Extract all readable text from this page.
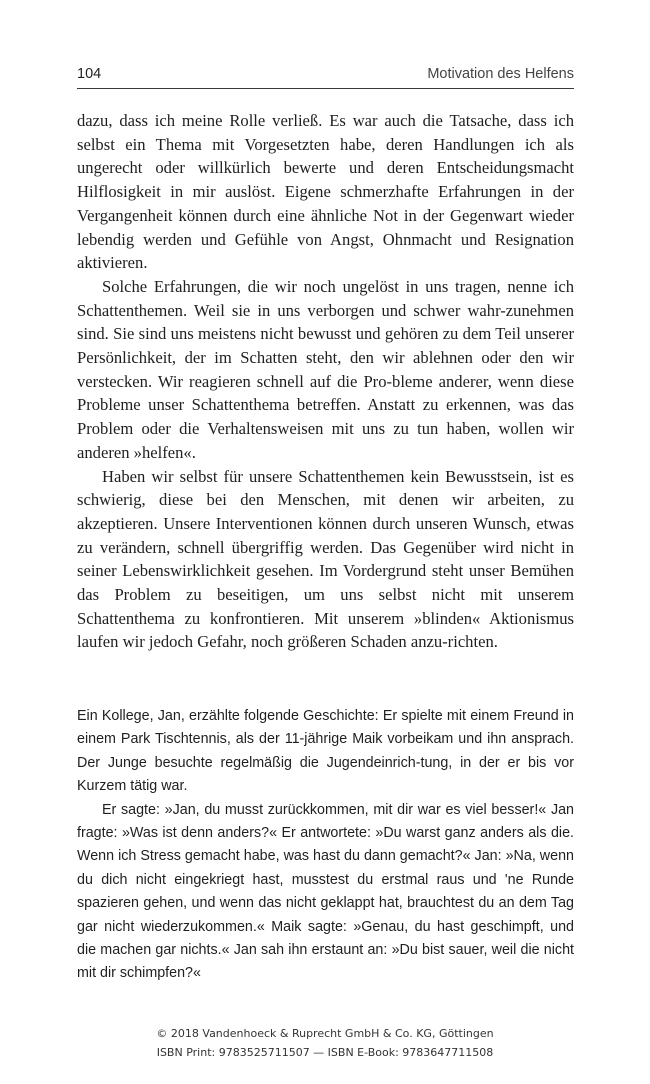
104	Motivation des Helfens

dazu, dass ich meine Rolle verließ. Es war auch die Tatsache, dass ich selbst ein Thema mit Vorgesetzten habe, deren Handlungen ich als ungerecht oder willkürlich bewerte und deren Entscheidungsmacht Hilflosigkeit in mir auslöst. Eigene schmerzhafte Erfahrungen in der Vergangenheit können durch eine ähnliche Not in der Gegenwart wieder lebendig werden und Gefühle von Angst, Ohnmacht und Resignation aktivieren.

Solche Erfahrungen, die wir noch ungelöst in uns tragen, nenne ich Schattenthemen. Weil sie in uns verborgen und schwer wahr-zunehmen sind. Sie sind uns meistens nicht bewusst und gehören zu dem Teil unserer Persönlichkeit, der im Schatten steht, den wir ablehnen oder den wir verstecken. Wir reagieren schnell auf die Pro-bleme anderer, wenn diese Probleme unser Schattenthema betreffen. Anstatt zu erkennen, was das Problem oder die Verhaltensweisen mit uns zu tun haben, wollen wir anderen »helfen«.

Haben wir selbst für unsere Schattenthemen kein Bewusstsein, ist es schwierig, diese bei den Menschen, mit denen wir arbeiten, zu akzeptieren. Unsere Interventionen können durch unseren Wunsch, etwas zu verändern, schnell übergriffig werden. Das Gegenüber wird nicht in seiner Lebenswirklichkeit gesehen. Im Vordergrund steht unser Bemühen das Problem zu beseitigen, um uns selbst nicht mit unserem Schattenthema zu konfrontieren. Mit unserem »blinden« Aktionismus laufen wir jedoch Gefahr, noch größeren Schaden anzu-richten.

Ein Kollege, Jan, erzählte folgende Geschichte: Er spielte mit einem Freund in einem Park Tischtennis, als der 11-jährige Maik vorbeikam und ihn ansprach. Der Junge besuchte regelmäßig die Jugendeinrich-tung, in der er bis vor Kurzem tätig war.

Er sagte: »Jan, du musst zurückkommen, mit dir war es viel besser!« Jan fragte: »Was ist denn anders?« Er antwortete: »Du warst ganz anders als die. Wenn ich Stress gemacht habe, was hast du dann gemacht?« Jan: »Na, wenn du dich nicht eingekriegt hast, musstest du erstmal raus und 'ne Runde spazieren gehen, und wenn das nicht geklappt hat, brauchtest du an dem Tag gar nicht wiederzukommen.« Maik sagte: »Genau, du hast geschimpft, und die machen gar nichts.« Jan sah ihn erstaunt an: »Du bist sauer, weil die nicht mit dir schimpfen?«

© 2018 Vandenhoeck & Ruprecht GmbH & Co. KG, Göttingen
ISBN Print: 9783525711507 — ISBN E-Book: 9783647711508
